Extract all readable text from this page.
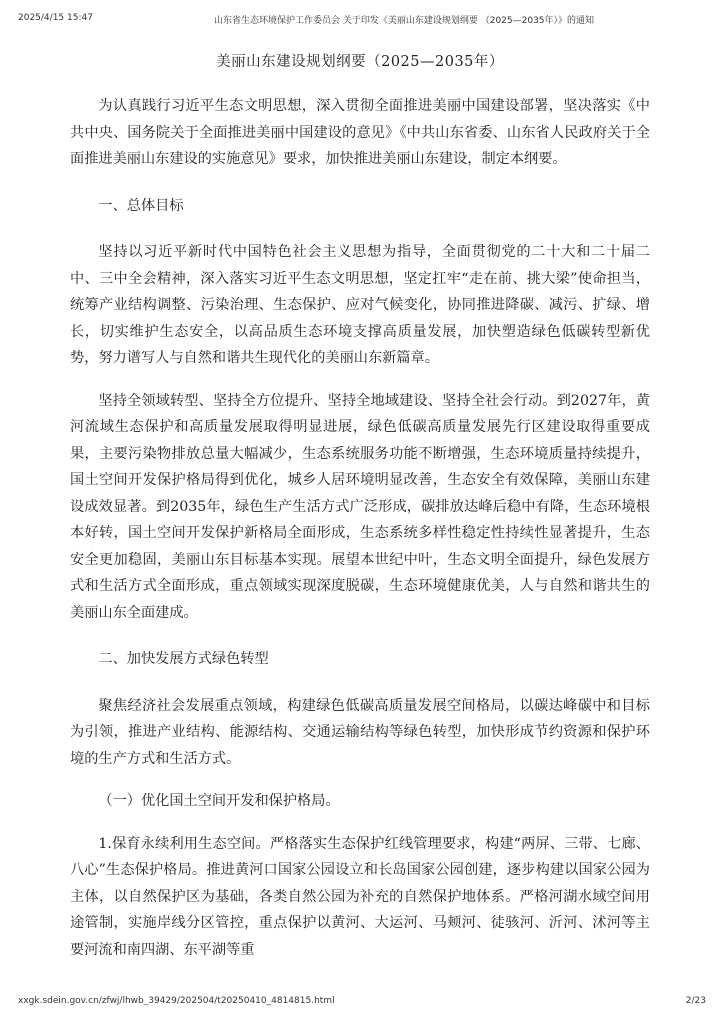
2025/4/15 15:47	山东省生态环境保护工作委员会 关于印发《美丽山东建设规划纲要 （2025—2035年）》的通知
美丽山东建设规划纲要（2025—2035年）

为认真践行习近平生态文明思想，深入贯彻全面推进美丽中国建设部署，坚决落实《中共中央、国务院关于全面推进美丽中国建设的意见》《中共山东省委、山东省人民政府关于全面推进美丽山东建设的实施意见》要求，加快推进美丽山东建设，制定本纲要。

一、总体目标

坚持以习近平新时代中国特色社会主义思想为指导，全面贯彻党的二十大和二十届二中、三中全会精神，深入落实习近平生态文明思想，坚定扛牢“走在前、挑大梁”使命担当，统筹产业结构调整、污染治理、生态保护、应对气候变化，协同推进降碳、减污、扩绿、增长，切实维护生态安全，以高品质生态环境支撑高质量发展，加快塑造绿色低碳转型新优势，努力谱写人与自然和谐共生现代化的美丽山东新篇章。

坚持全领域转型、坚持全方位提升、坚持全地域建设、坚持全社会行动。到2027年，黄河流域生态保护和高质量发展取得明显进展，绿色低碳高质量发展先行区建设取得重要成果，主要污染物排放总量大幅减少，生态系统服务功能不断增强，生态环境质量持续提升，国土空间开发保护格局得到优化，城乡人居环境明显改善，生态安全有效保障，美丽山东建设成效显著。到2035年，绿色生产生活方式广泛形成，碳排放达峰后稳中有降，生态环境根本好转，国土空间开发保护新格局全面形成，生态系统多样性稳定性持续性显著提升，生态安全更加稳固，美丽山东目标基本实现。展望本世纪中叶，生态文明全面提升，绿色发展方式和生活方式全面形成，重点领域实现深度脱碳，生态环境健康优美，人与自然和谐共生的美丽山东全面建成。

二、加快发展方式绿色转型

聚焦经济社会发展重点领域，构建绿色低碳高质量发展空间格局，以碳达峰碳中和目标为引领，推进产业结构、能源结构、交通运输结构等绿色转型，加快形成节约资源和保护环境的生产方式和生活方式。

（一）优化国土空间开发和保护格局。

1.保育永续利用生态空间。严格落实生态保护红线管理要求，构建“两屏、三带、七廊、八心”生态保护格局。推进黄河口国家公园设立和长岛国家公园创建，逐步构建以国家公园为主体，以自然保护区为基础，各类自然公园为补充的自然保护地体系。严格河湖水域空间用途管制，实施岸线分区管控，重点保护以黄河、大运河、马颊河、徒骇河、沂河、沭河等主要河流和南四湖、东平湖等重

xxgk.sdein.gov.cn/zfwj/lhwb_39429/202504/t20250410_4814815.html	2/23
